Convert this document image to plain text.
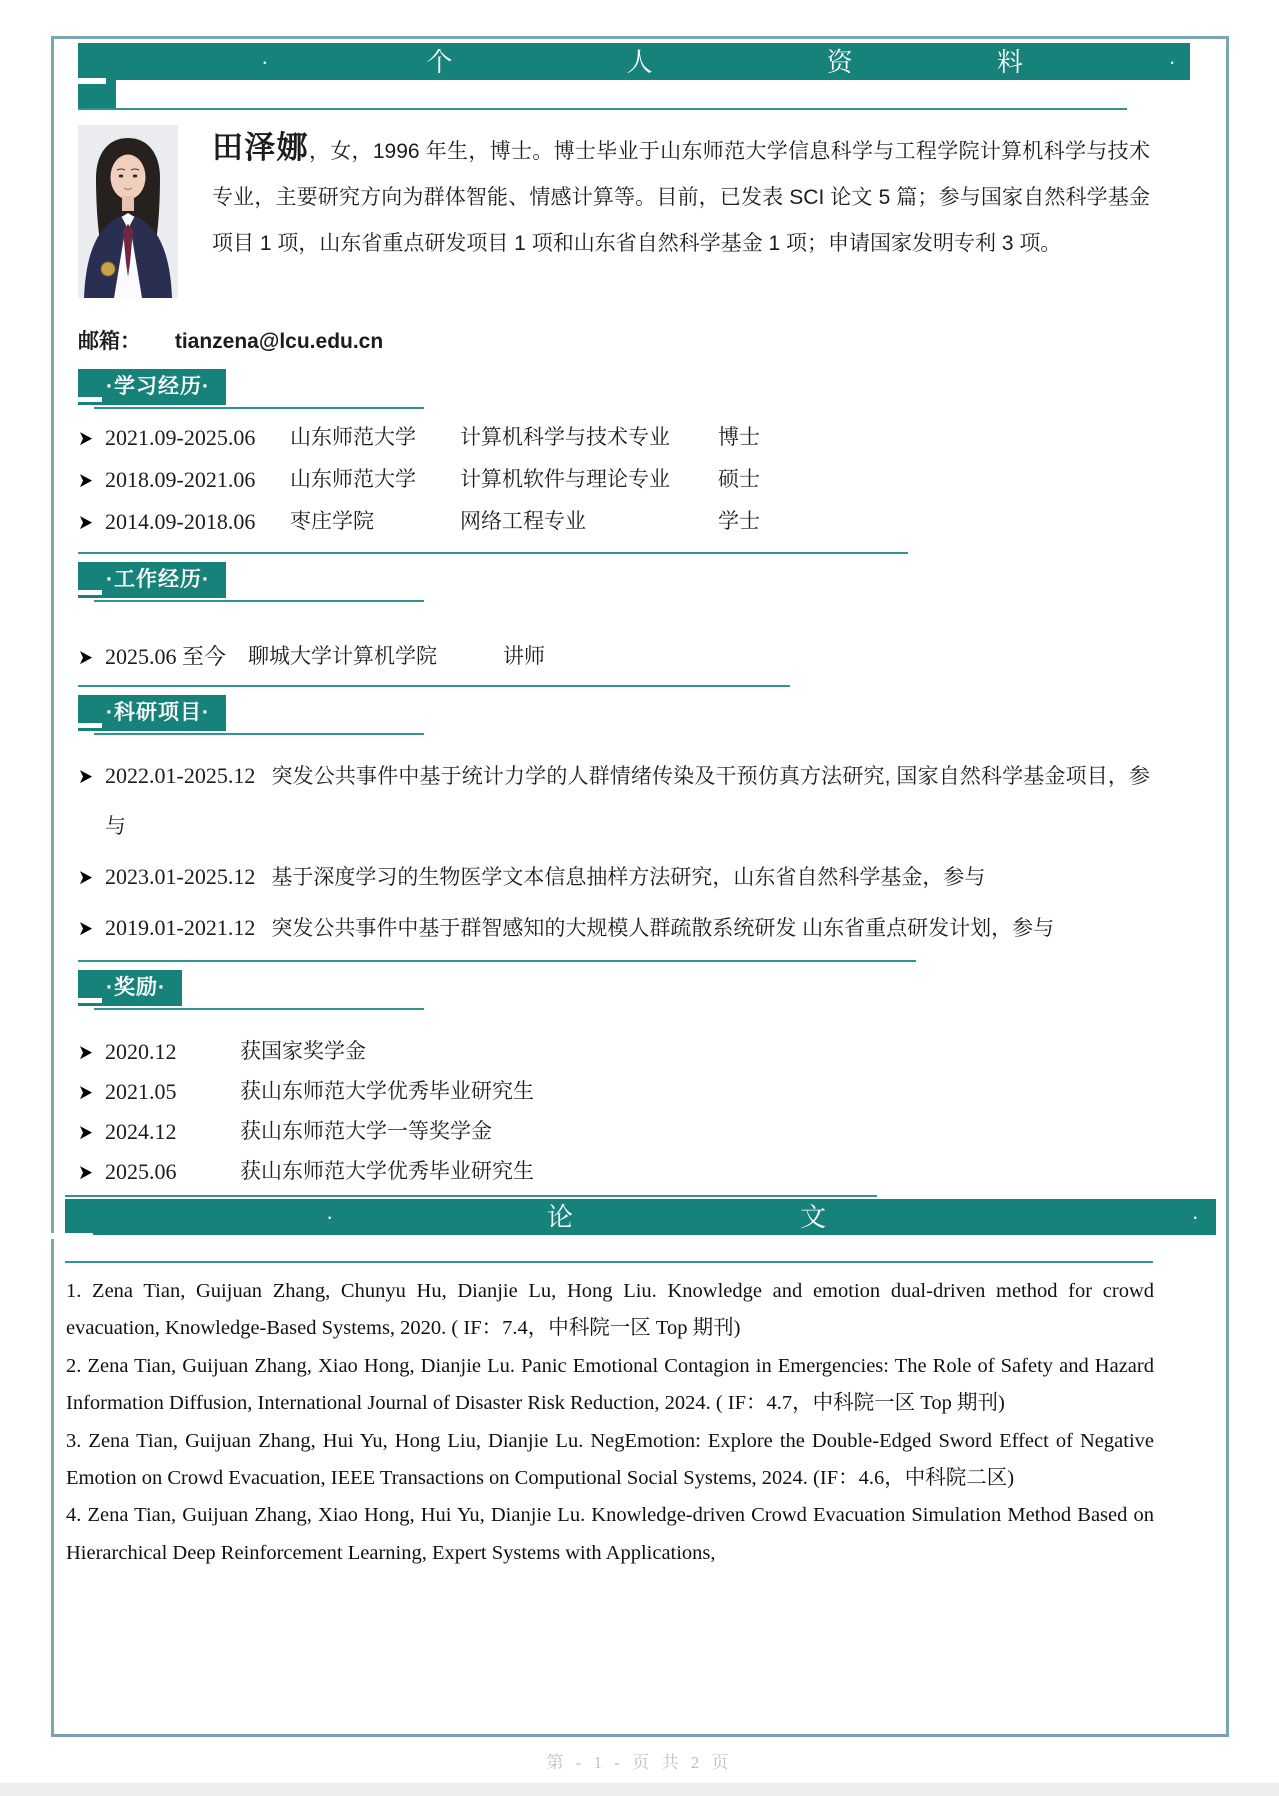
·	个	人	资	料	·

田泽娜，女，1996 年生，博士。博士毕业于山东师范大学信息科学与工程学院计算机科学与技术专业，主要研究方向为群体智能、情感计算等。目前，已发表 SCI 论文 5 篇；参与国家自然科学基金项目 1 项，山东省重点研发项目 1 项和山东省自然科学基金 1 项；申请国家发明专利 3 项。

邮箱： tianzena@lcu.edu.cn
·学习经历·
➤ 2021.09-2025.06	山东师范大学	计算机科学与技术专业	博士
➤ 2018.09-2021.06	山东师范大学	计算机软件与理论专业	硕士
➤ 2014.09-2018.06	枣庄学院	网络工程专业	学士
·工作经历·
➤ 2025.06 至今	聊城大学计算机学院	讲师
·科研项目·
➤ 2022.01-2025.12 突发公共事件中基于统计力学的人群情绪传染及干预仿真方法研究, 国家自然科学基金项目，参与
➤ 2023.01-2025.12 基于深度学习的生物医学文本信息抽样方法研究，山东省自然科学基金，参与
➤ 2019.01-2021.12 突发公共事件中基于群智感知的大规模人群疏散系统研发 山东省重点研发计划，参与
·奖励·
➤ 2020.12	获国家奖学金
➤ 2021.05	获山东师范大学优秀毕业研究生
➤ 2024.12	获山东师范大学一等奖学金
➤ 2025.06	获山东师范大学优秀毕业研究生
·	论	文	·

1. Zena Tian, Guijuan Zhang, Chunyu Hu, Dianjie Lu, Hong Liu. Knowledge and emotion dual-driven method for crowd evacuation, Knowledge-Based Systems, 2020. ( IF：7.4，中科院一区 Top 期刊)

2. Zena Tian, Guijuan Zhang, Xiao Hong, Dianjie Lu. Panic Emotional Contagion in Emergencies: The Role of Safety and Hazard Information Diffusion, International Journal of Disaster Risk Reduction, 2024. ( IF：4.7，中科院一区 Top 期刊)

3. Zena Tian, Guijuan Zhang, Hui Yu, Hong Liu, Dianjie Lu. NegEmotion: Explore the Double-Edged Sword Effect of Negative Emotion on Crowd Evacuation, IEEE Transactions on Computional Social Systems, 2024. (IF：4.6，中科院二区)

4. Zena Tian, Guijuan Zhang, Xiao Hong, Hui Yu, Dianjie Lu. Knowledge-driven Crowd Evacuation Simulation Method Based on Hierarchical Deep Reinforcement Learning, Expert Systems with Applications,

第 - 1 - 页 共 2 页
